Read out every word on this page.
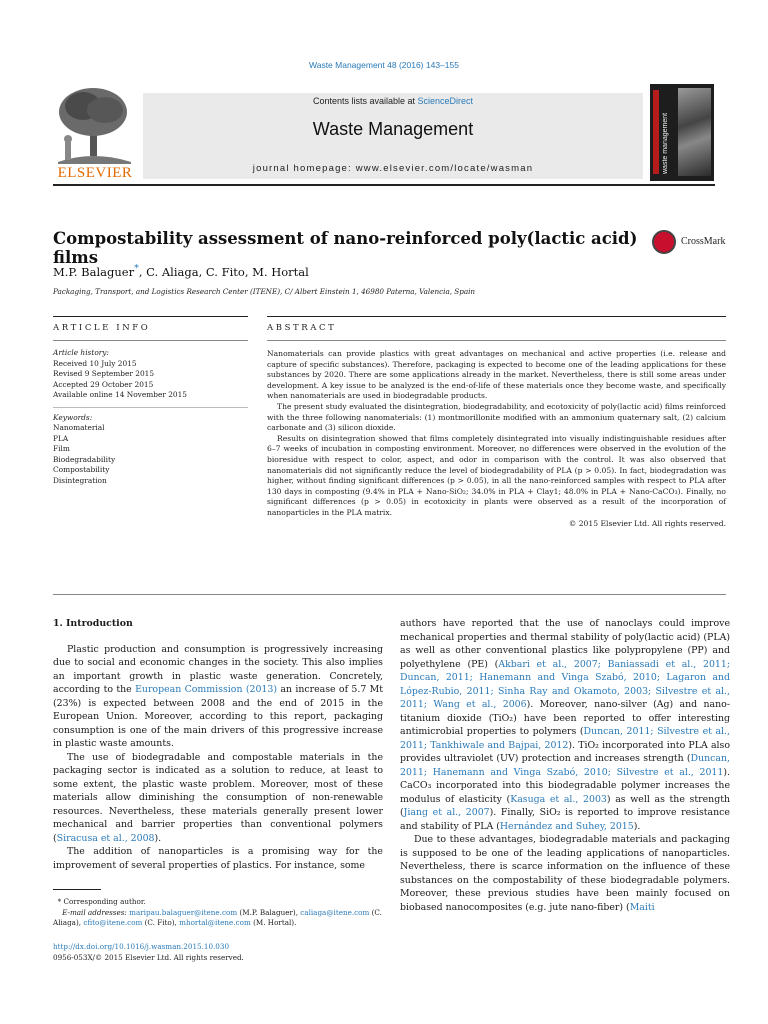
Waste Management 48 (2016) 143–155
ELSEVIER
Contents lists available at ScienceDirect
Waste Management
journal homepage: www.elsevier.com/locate/wasman	waste management
Compostability assessment of nano-reinforced poly(lactic acid) films
CrossMark
M.P. Balaguer*, C. Aliaga, C. Fito, M. Hortal
Packaging, Transport, and Logistics Research Center (ITENE), C/ Albert Einstein 1, 46980 Paterna, Valencia, Spain
ARTICLE INFO	ABSTRACT
Article history:
Received 10 July 2015
Revised 9 September 2015
Accepted 29 October 2015
Available online 14 November 2015
Keywords:
Nanomaterial
PLA
Film
Biodegradability
Compostability
Disintegration

Nanomaterials can provide plastics with great advantages on mechanical and active properties (i.e. release and capture of specific substances). Therefore, packaging is expected to become one of the leading applications for these substances by 2020. There are some applications already in the market. Nevertheless, there is still some areas under development. A key issue to be analyzed is the end-of-life of these materials once they become waste, and specifically when nanomaterials are used in biodegradable products.

The present study evaluated the disintegration, biodegradability, and ecotoxicity of poly(lactic acid) films reinforced with the three following nanomaterials: (1) montmorillonite modified with an ammonium quaternary salt, (2) calcium carbonate and (3) silicon dioxide.

Results on disintegration showed that films completely disintegrated into visually indistinguishable residues after 6–7 weeks of incubation in composting environment. Moreover, no differences were observed in the evolution of the bioresidue with respect to color, aspect, and odor in comparison with the control. It was also observed that nanomaterials did not significantly reduce the level of biodegradability of PLA (p > 0.05). In fact, biodegradation was higher, without finding significant differences (p > 0.05), in all the nano-reinforced samples with respect to PLA after 130 days in composting (9.4% in PLA + Nano-SiO₂; 34.0% in PLA + Clay1; 48.0% in PLA + Nano-CaCO₃). Finally, no significant differences (p > 0.05) in ecotoxicity in plants were observed as a result of the incorporation of nanoparticles in the PLA matrix.

© 2015 Elsevier Ltd. All rights reserved.
1. Introduction

Plastic production and consumption is progressively increasing due to social and economic changes in the society. This also implies an important growth in plastic waste generation. Concretely, according to the European Commission (2013) an increase of 5.7 Mt (23%) is expected between 2008 and the end of 2015 in the European Union. Moreover, according to this report, packaging consumption is one of the main drivers of this progressive increase in plastic waste amounts.

The use of biodegradable and compostable materials in the packaging sector is indicated as a solution to reduce, at least to some extent, the plastic waste problem. Moreover, most of these materials allow diminishing the consumption of non-renewable resources. Nevertheless, these materials generally present lower mechanical and barrier properties than conventional polymers (Siracusa et al., 2008).

The addition of nanoparticles is a promising way for the improvement of several properties of plastics. For instance, some

authors have reported that the use of nanoclays could improve mechanical properties and thermal stability of poly(lactic acid) (PLA) as well as other conventional plastics like polypropylene (PP) and polyethylene (PE) (Akbari et al., 2007; Baniassadi et al., 2011; Duncan, 2011; Hanemann and Vinga Szabó, 2010; Lagaron and López-Rubio, 2011; Sinha Ray and Okamoto, 2003; Silvestre et al., 2011; Wang et al., 2006). Moreover, nano-silver (Ag) and nano-titanium dioxide (TiO₂) have been reported to offer interesting antimicrobial properties to polymers (Duncan, 2011; Silvestre et al., 2011; Tankhiwale and Bajpai, 2012). TiO₂ incorporated into PLA also provides ultraviolet (UV) protection and increases strength (Duncan, 2011; Hanemann and Vinga Szabó, 2010; Silvestre et al., 2011). CaCO₃ incorporated into this biodegradable polymer increases the modulus of elasticity (Kasuga et al., 2003) as well as the strength (Jiang et al., 2007). Finally, SiO₂ is reported to improve resistance and stability of PLA (Hernández and Suhey, 2015).

Due to these advantages, biodegradable materials and packaging is supposed to be one of the leading applications of nanoparticles. Nevertheless, there is scarce information on the influence of these substances on the compostability of these biodegradable polymers. Moreover, these previous studies have been mainly focused on biobased nanocomposites (e.g. jute nano-fiber) (Maiti

* Corresponding author.
E-mail addresses: maripau.balaguer@itene.com (M.P. Balaguer), caliaga@itene.com (C. Aliaga), cfito@itene.com (C. Fito), mhortal@itene.com (M. Hortal).
http://dx.doi.org/10.1016/j.wasman.2015.10.030
0956-053X/© 2015 Elsevier Ltd. All rights reserved.
